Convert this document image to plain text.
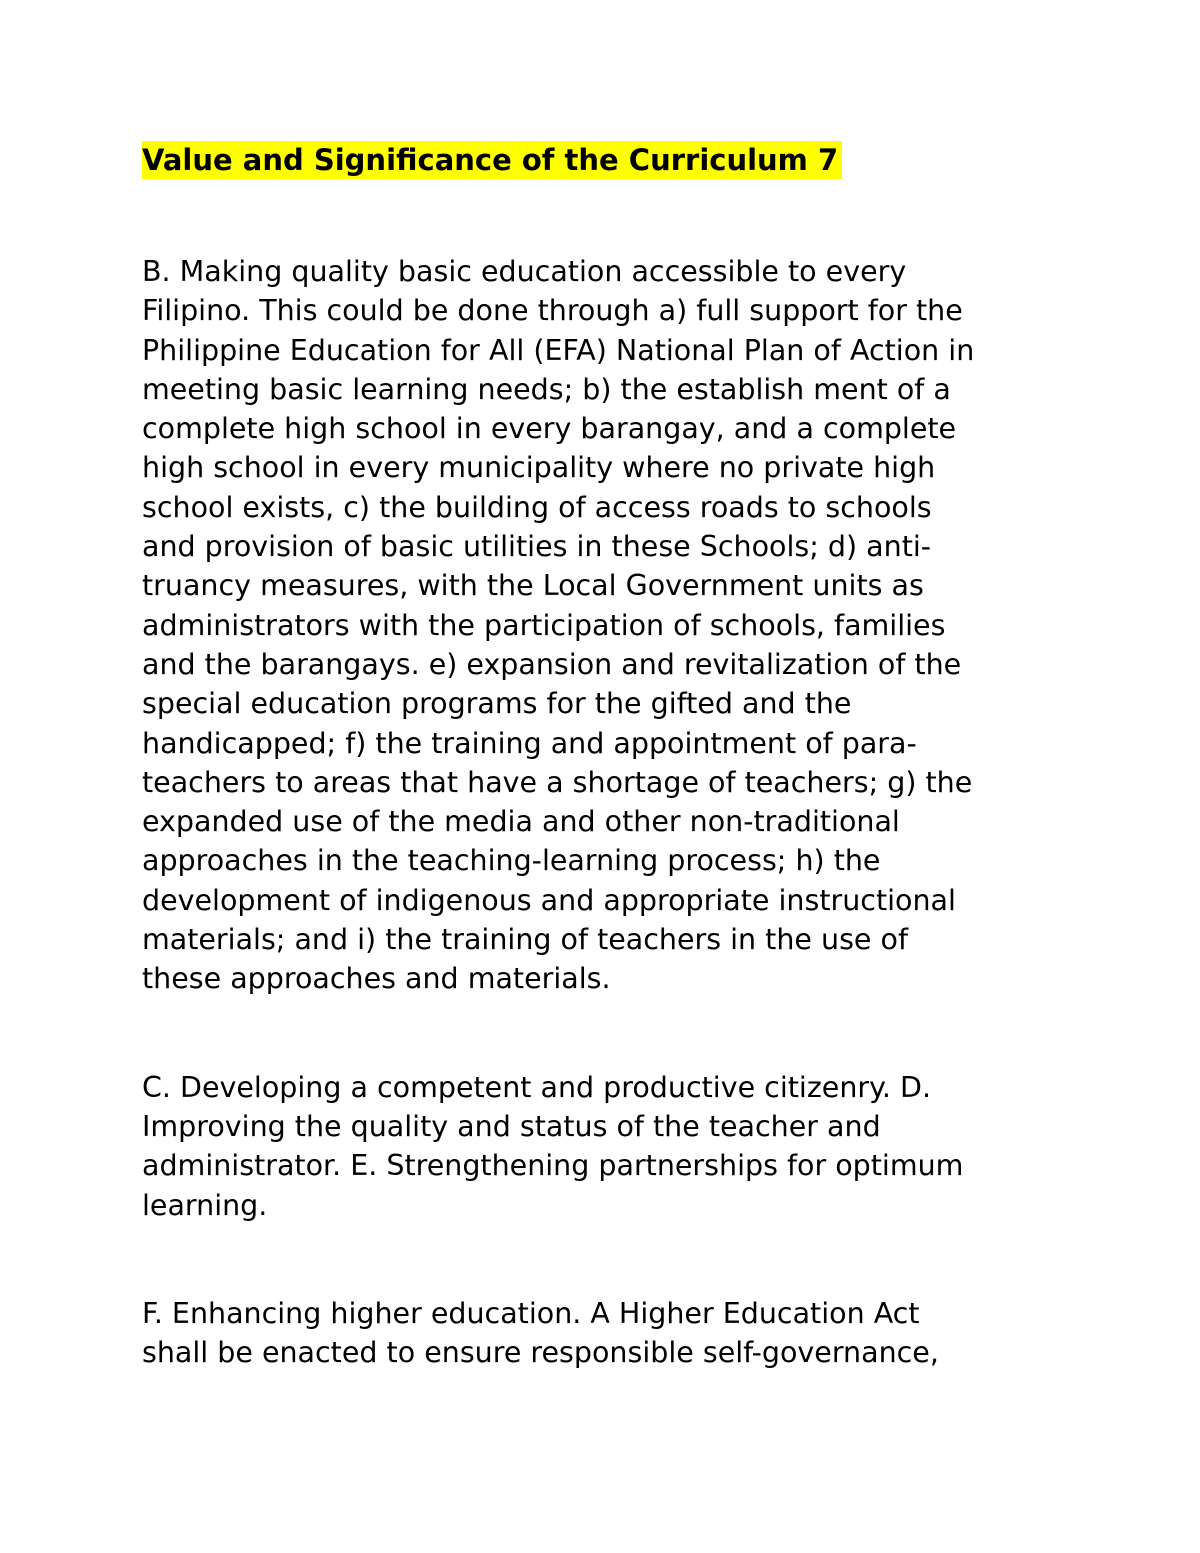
Value and Significance of the Curriculum 7

B. Making quality basic education accessible to every
Filipino. This could be done through a) full support for the
Philippine Education for All (EFA) National Plan of Action in
meeting basic learning needs; b) the establish ment of a
complete high school in every barangay, and a complete
high school in every municipality where no private high
school exists, c) the building of access roads to schools
and provision of basic utilities in these Schools; d) anti-
truancy measures, with the Local Government units as
administrators with the participation of schools, families
and the barangays. e) expansion and revitalization of the
special education programs for the gifted and the
handicapped; f) the training and appointment of para-
teachers to areas that have a shortage of teachers; g) the
expanded use of the media and other non-traditional
approaches in the teaching-learning process; h) the
development of indigenous and appropriate instructional
materials; and i) the training of teachers in the use of
these approaches and materials.

C. Developing a competent and productive citizenry. D.
Improving the quality and status of the teacher and
administrator. E. Strengthening partnerships for optimum
learning.

F. Enhancing higher education. A Higher Education Act
shall be enacted to ensure responsible self-governance,
